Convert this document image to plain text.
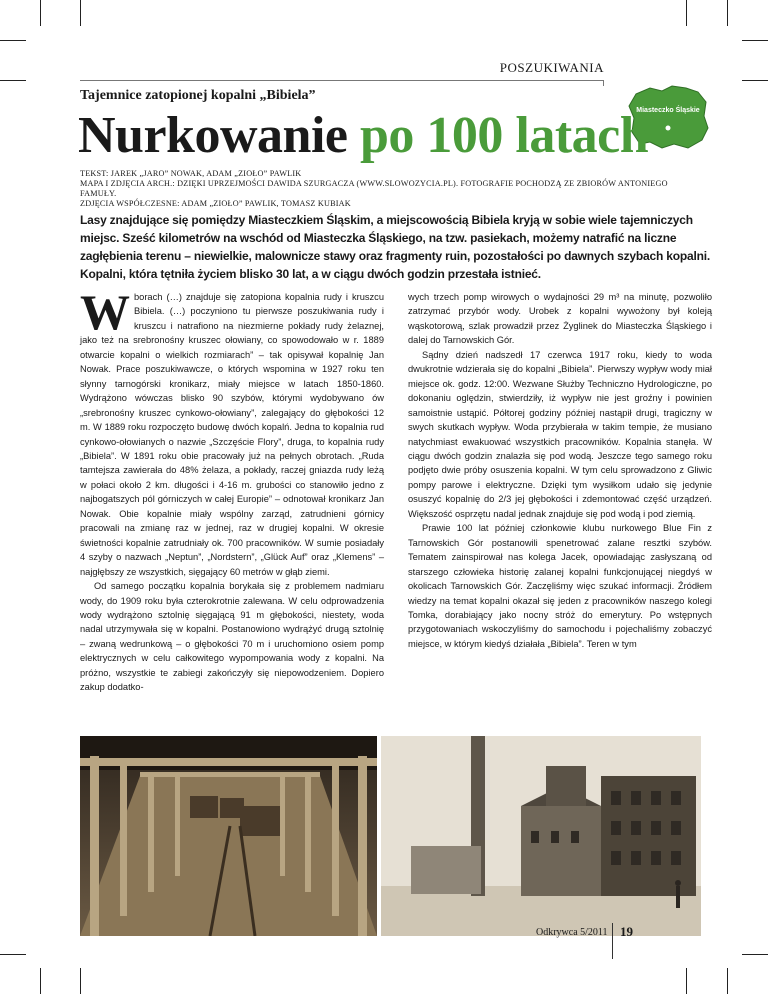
POSZUKIWANIA
Miasteczko Śląskie
Tajemnice zatopionej kopalni „Bibiela”
Nurkowanie po 100 latach
TEKST: JAREK „JARO” NOWAK, ADAM „ZIOŁO” PAWLIK
MAPA I ZDJĘCIA ARCH.: DZIĘKI UPRZEJMOŚCI DAWIDA SZURGACZA (WWW.SLOWOZYCIA.PL). FOTOGRAFIE POCHODZĄ ZE ZBIORÓW ANTONIEGO FAMUŁY.
ZDJĘCIA WSPÓŁCZESNE: ADAM „ZIOŁO” PAWLIK, TOMASZ KUBIAK
Lasy znajdujące się pomiędzy Miasteczkiem Śląskim, a miejscowością Bibiela kryją w sobie wiele tajemniczych miejsc. Sześć kilometrów na wschód od Miasteczka Śląskiego, na tzw. pasiekach, możemy natrafić na liczne zagłębienia terenu – niewielkie, malownicze stawy oraz fragmenty ruin, pozostałości po dawnych szybach kopalni. Kopalni, która tętniła życiem blisko 30 lat, a w ciągu dwóch godzin przestała istnieć.

Wborach (…) znajduje się zatopiona kopalnia rudy i kruszcu Bibiela. (…) poczyniono tu pierwsze poszukiwania rudy i kruszcu i natrafiono na niezmierne pokłady rudy żelaznej, jako też na srebronośny kruszec ołowiany, co spowodowało w r. 1889 otwarcie kopalni o wielkich rozmiarach” – tak opisywał kopalnię Jan Nowak. Prace poszukiwawcze, o których wspomina w 1927 roku ten słynny tarnogórski kronikarz, miały miejsce w latach 1850-1860. Wydrążono wówczas blisko 90 szybów, którymi wydobywano ów „srebronośny kruszec cynkowo-ołowiany”, zalegający do głębokości 12 m. W 1889 roku rozpoczęto budowę dwóch kopalń. Jedna to kopalnia rud cynkowo-ołowianych o nazwie „Szczęście Flory”, druga, to kopalnia rudy „Bibiela”. W 1891 roku obie pracowały już na pełnych obrotach. „Ruda tamtejsza zawierała do 48% żelaza, a pokłady, raczej gniazda rudy leżą w połaci około 2 km. długości i 4-16 m. grubości co stanowiło jedno z najbogatszych pól górniczych w całej Europie” – odnotował kronikarz Jan Nowak. Obie kopalnie miały wspólny zarząd, zatrudnieni górnicy pracowali na zmianę raz w jednej, raz w drugiej kopalni. W okresie świetności kopalnie zatrudniały ok. 700 pracowników. W sumie posiadały 4 szyby o nazwach „Neptun”, „Nordstern”, „Glück Auf” oraz „Klemens” – najgłębszy ze wszystkich, sięgający 60 metrów w głąb ziemi.

Od samego początku kopalnia borykała się z problemem nadmiaru wody, do 1909 roku była czterokrotnie zalewana. W celu odprowadzenia wody wydrążono sztolnię sięgającą 91 m głębokości, niestety, woda nadal utrzymywała się w kopalni. Postanowiono wydrążyć drugą sztolnię – zwaną wedrunkową – o głębokości 70 m i uruchomiono osiem pomp elektrycznych w celu całkowitego wypompowania wody z kopalni. Na próżno, wszystkie te zabiegi zakończyły się niepowodzeniem. Dopiero zakup dodatko-

wych trzech pomp wirowych o wydajności 29 m³ na minutę, pozwoliło zatrzymać przybór wody. Urobek z kopalni wywożony był koleją wąskotorową, szlak prowadził przez Żyglinek do Miasteczka Śląskiego i dalej do Tarnowskich Gór.

Sądny dzień nadszedł 17 czerwca 1917 roku, kiedy to woda dwukrotnie wdzierała się do kopalni „Bibiela”. Pierwszy wypływ wody miał miejsce ok. godz. 12:00. Wezwane Służby Techniczno Hydrologiczne, po dokonaniu oględzin, stwierdziły, iż wypływ nie jest groźny i powinien samoistnie ustąpić. Półtorej godziny później nastąpił drugi, tragiczny w swych skutkach wypływ. Woda przybierała w takim tempie, że musiano natychmiast ewakuować wszystkich pracowników. Kopalnia stanęła. W ciągu dwóch godzin znalazła się pod wodą. Jeszcze tego samego roku podjęto dwie próby osuszenia kopalni. W tym celu sprowadzono z Gliwic pompy parowe i elektryczne. Dzięki tym wysiłkom udało się jedynie osuszyć kopalnię do 2/3 jej głębokości i zdemontować część urządzeń. Większość osprzętu nadal jednak znajduje się pod wodą i pod ziemią.

Prawie 100 lat później członkowie klubu nurkowego Blue Fin z Tarnowskich Gór postanowili spenetrować zalane resztki szybów. Tematem zainspirował nas kolega Jacek, opowiadając zasłyszaną od starszego człowieka historię zalanej kopalni funkcjonującej niegdyś w okolicach Tarnowskich Gór. Zaczęliśmy więc szukać informacji. Źródłem wiedzy na temat kopalni okazał się jeden z pracowników naszego kolegi Tomka, dorabiający jako nocny stróż do emerytury. Po wstępnych przygotowaniach wskoczyliśmy do samochodu i pojechaliśmy zobaczyć miejsce, w którym kiedyś działała „Bibiela”. Teren w tym

Odkrywca 5/2011 19
